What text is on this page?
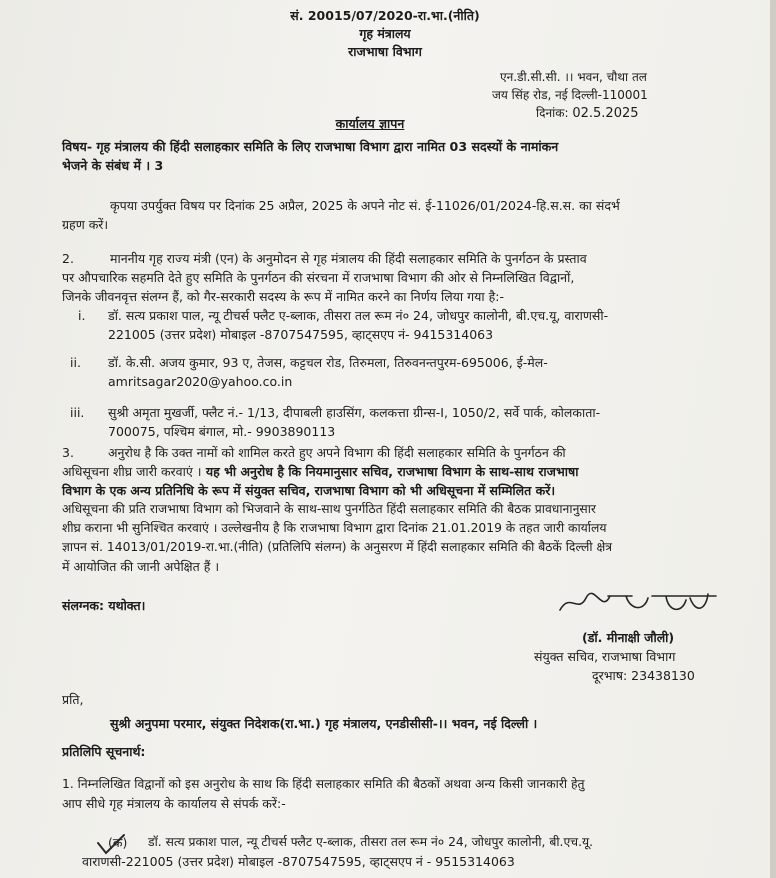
सं. 20015/07/2020-रा.भा.(नीति)
गृह मंत्रालय
राजभाषा विभाग
एन.डी.सी.सी. ।। भवन, चौथा तल
जय सिंह रोड, नई दिल्ली-110001
दिनांक: 02.5.2025
कार्यालय ज्ञापन
विषय- गृह मंत्रालय की हिंदी सलाहकार समिति के लिए राजभाषा विभाग द्वारा नामित 03 सदस्यों के नामांकन
भेजने के संबंध में । 3
कृपया उपर्युक्त विषय पर दिनांक 25 अप्रैल, 2025 के अपने नोट सं. ई-11026/01/2024-हि.स.स. का संदर्भ
ग्रहण करें।
2.	माननीय गृह राज्य मंत्री (एन) के अनुमोदन से गृह मंत्रालय की हिंदी सलाहकार समिति के पुनर्गठन के प्रस्ताव
पर औपचारिक सहमति देते हुए समिति के पुनर्गठन की संरचना में राजभाषा विभाग की ओर से निम्नलिखित विद्वानों,
जिनके जीवनवृत्त संलग्न हैं, को गैर-सरकारी सदस्य के रूप में नामित करने का निर्णय लिया गया है:-
i. डॉ. सत्य प्रकाश पाल, न्यू टीचर्स फ्लैट ए-ब्लाक, तीसरा तल रूम नं० 24, जोधपुर कालोनी, बी.एच.यू, वाराणसी-
221005 (उत्तर प्रदेश) मोबाइल -8707547595, व्हाट्सएप नं- 9415314063
ii. डॉ. के.सी. अजय कुमार, 93 ए, तेजस, कट्टचल रोड, तिरुमला, तिरुवनन्तपुरम-695006, ई-मेल-
amritsagar2020@yahoo.co.in
iii. सुश्री अमृता मुखर्जी, फ्लैट नं.- 1/13, दीपाबली हाउसिंग, कलकत्ता ग्रीन्स-I, 1050/2, सर्वे पार्क, कोलकाता-
700075, पश्चिम बंगाल, मो.- 9903890113
3.	अनुरोध है कि उक्त नामों को शामिल करते हुए अपने विभाग की हिंदी सलाहकार समिति के पुनर्गठन की
अधिसूचना शीघ्र जारी करवाएं । यह भी अनुरोध है कि नियमानुसार सचिव, राजभाषा विभाग के साथ-साथ राजभाषा
विभाग के एक अन्य प्रतिनिधि के रूप में संयुक्त सचिव, राजभाषा विभाग को भी अधिसूचना में सम्मिलित करें।
अधिसूचना की प्रति राजभाषा विभाग को भिजवाने के साथ-साथ पुनर्गठित हिंदी सलाहकार समिति की बैठक प्रावधानानुसार
शीघ्र कराना भी सुनिश्चित करवाएं । उल्लेखनीय है कि राजभाषा विभाग द्वारा दिनांक 21.01.2019 के तहत जारी कार्यालय
ज्ञापन सं. 14013/01/2019-रा.भा.(नीति) (प्रतिलिपि संलग्न) के अनुसरण में हिंदी सलाहकार समिति की बैठकें दिल्ली क्षेत्र
में आयोजित की जानी अपेक्षित हैं ।
संलग्नक: यथोक्त।
(डॉ. मीनाक्षी जौली)
संयुक्त सचिव, राजभाषा विभाग
दूरभाष: 23438130
प्रति,
सुश्री अनुपमा परमार, संयुक्त निदेशक(रा.भा.) गृह मंत्रालय, एनडीसीसी-।। भवन, नई दिल्ली ।
प्रतिलिपि सूचनार्थ:
1. निम्नलिखित विद्वानों को इस अनुरोध के साथ कि हिंदी सलाहकार समिति की बैठकों अथवा अन्य किसी जानकारी हेतु
आप सीधे गृह मंत्रालय के कार्यालय से संपर्क करें:-
(क) डॉ. सत्य प्रकाश पाल, न्यू टीचर्स फ्लैट ए-ब्लाक, तीसरा तल रूम नं० 24, जोधपुर कालोनी, बी.एच.यू.
वाराणसी-221005 (उत्तर प्रदेश) मोबाइल -8707547595, व्हाट्सएप नं - 9515314063
